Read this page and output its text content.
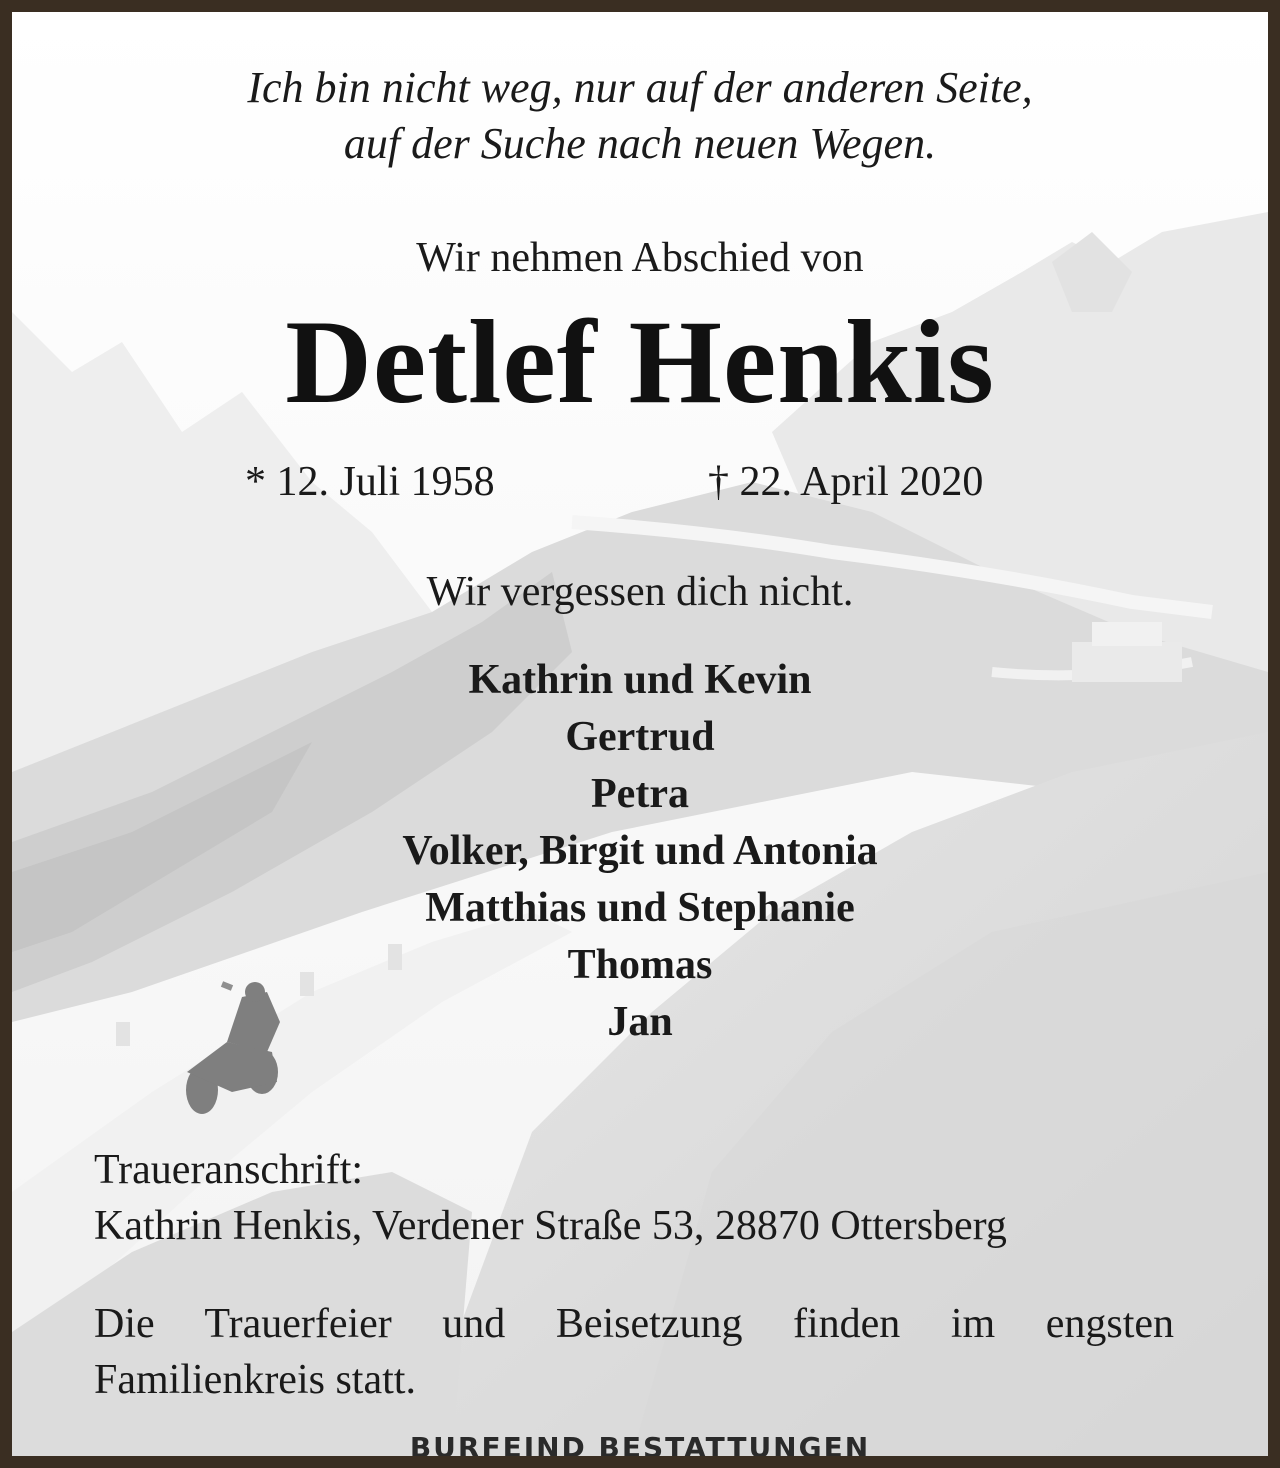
Ich bin nicht weg, nur auf der anderen Seite,
auf der Suche nach neuen Wegen.
Wir nehmen Abschied von
Detlef Henkis
* 12. Juli 1958	† 22. April 2020
Wir vergessen dich nicht.
Kathrin und Kevin
Gertrud
Petra
Volker, Birgit und Antonia
Matthias und Stephanie
Thomas
Jan
Traueranschrift:
Kathrin Henkis, Verdener Straße 53, 28870 Ottersberg
Die Trauerfeier und Beisetzung finden im engsten Familienkreis statt.
BURFEIND BESTATTUNGEN
